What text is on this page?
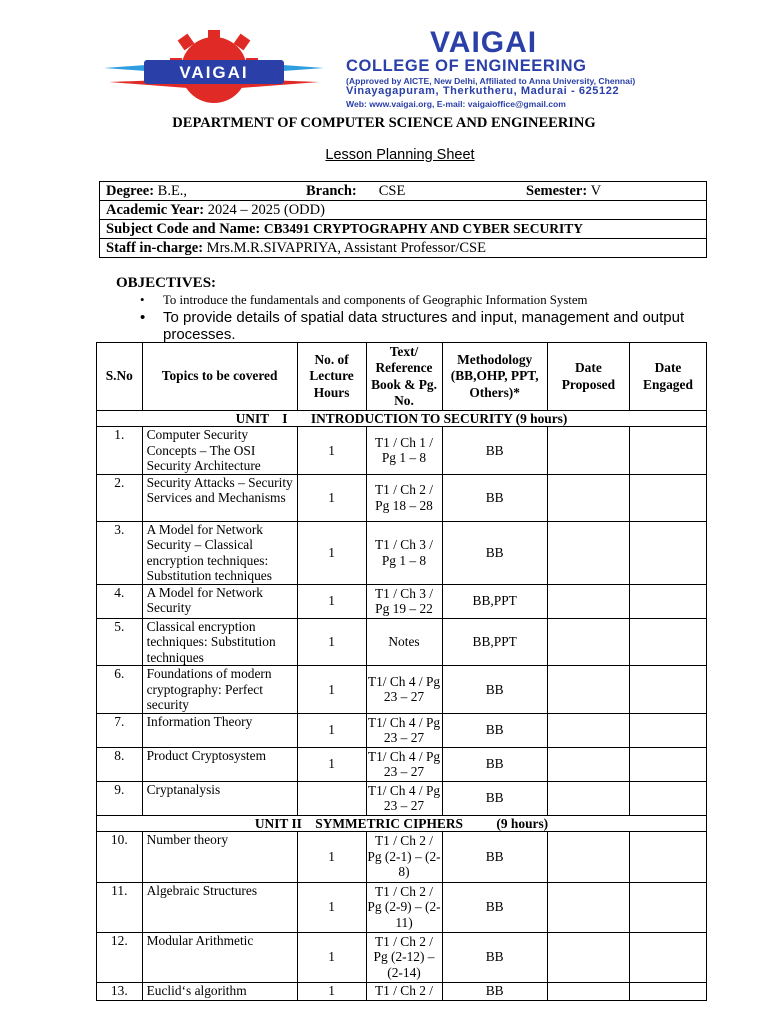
VAIGAI
VAIGAI
COLLEGE OF ENGINEERING
(Approved by AICTE, New Delhi, Affiliated to Anna University, Chennai)
Vinayagapuram, Therkutheru, Madurai - 625122
Web: www.vaigai.org, E-mail: vaigaioffice@gmail.com
DEPARTMENT OF COMPUTER SCIENCE AND ENGINEERING
Lesson Planning Sheet
Degree: B.E.,	Branch: CSE	Semester: V
Academic Year: 2024 – 2025 (ODD)
Subject Code and Name: CB3491 CRYPTOGRAPHY AND CYBER SECURITY
Staff in-charge: Mrs.M.R.SIVAPRIYA, Assistant Professor/CSE
OBJECTIVES:
• To introduce the fundamentals and components of Geographic Information System
• To provide details of spatial data structures and input, management and output processes.
S.No	Topics to be covered	No. of Lecture Hours	Text/ Reference Book & Pg. No.	Methodology (BB,OHP, PPT, Others)*	Date Proposed	Date Engaged
UNIT    I       INTRODUCTION TO SECURITY (9 hours)						
1.	Computer Security Concepts – The OSI Security Architecture	1	T1 / Ch 1 / Pg 1 – 8	BB		
2.	Security Attacks – Security Services and Mechanisms	1	T1 / Ch 2 / Pg 18 – 28	BB		
3.	A Model for Network Security – Classical encryption techniques: Substitution techniques	1	T1 / Ch 3 / Pg 1 – 8	BB		
4.	A Model for Network Security	1	T1 / Ch 3 / Pg 19 – 22	BB,PPT		
5.	Classical encryption techniques: Substitution techniques	1	Notes	BB,PPT		
6.	Foundations of modern cryptography: Perfect security	1	T1/ Ch 4 / Pg 23 – 27	BB		
7.	Information Theory	1	T1/ Ch 4 / Pg 23 – 27	BB		
8.	Product Cryptosystem	1	T1/ Ch 4 / Pg 23 – 27	BB		
9.	Cryptanalysis		T1/ Ch 4 / Pg 23 – 27	BB		
UNIT II    SYMMETRIC CIPHERS          (9 hours)						
10.	Number theory	1	T1 / Ch 2 / Pg (2-1) – (2-8)	BB		
11.	Algebraic Structures	1	T1 / Ch 2 / Pg (2-9) – (2-11)	BB		
12.	Modular Arithmetic	1	T1 / Ch 2 / Pg (2-12) – (2-14)	BB		
13.	Euclid‘s algorithm	1	T1 / Ch 2 /	BB		
